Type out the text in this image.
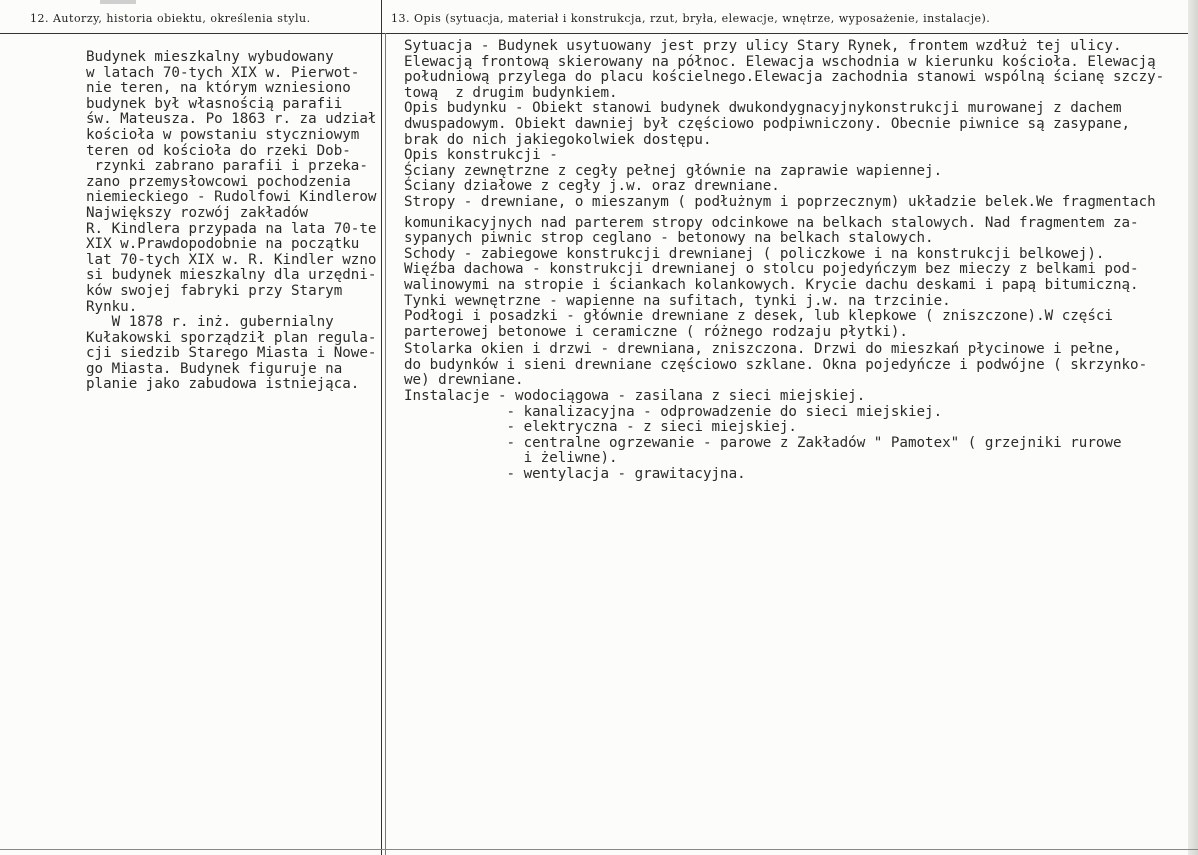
12. Autorzy, historia obiektu, określenia stylu.	13. Opis (sytuacja, materiał i konstrukcja, rzut, bryła, elewacje, wnętrze, wyposażenie, instalacje).
Budynek mieszkalny wybudowany
w latach 70-tych XIX w. Pierwot-
nie teren, na którym wzniesiono
budynek był własnością parafii
św. Mateusza. Po 1863 r. za udział
kościoła w powstaniu styczniowym
teren od kościoła do rzeki Dob-
rzynki zabrano parafii i przeka-
zano przemysłowcowi pochodzenia
niemieckiego - Rudolfowi Kindlerow
Największy rozwój zakładów
R. Kindlera przypada na lata 70-te
XIX w.Prawdopodobnie na początku
lat 70-tych XIX w. R. Kindler wzno
si budynek mieszkalny dla urzędni-
ków swojej fabryki przy Starym
Rynku.
W 1878 r. inż. gubernialny
Kułakowski sporządził plan regula-
cji siedzib Starego Miasta i Nowe-
go Miasta. Budynek figuruje na
planie jako zabudowa istniejąca.
Sytuacja - Budynek usytuowany jest przy ulicy Stary Rynek, frontem wzdłuż tej ulicy.
Elewacją frontową skierowany na północ. Elewacja wschodnia w kierunku kościoła. Elewacją
południową przylega do placu kościelnego.Elewacja zachodnia stanowi wspólną ścianę szczy-
tową  z drugim budynkiem.
Opis budynku - Obiekt stanowi budynek dwukondygnacyjnykonstrukcji murowanej z dachem
dwuspadowym. Obiekt dawniej był częściowo podpiwniczony. Obecnie piwnice są zasypane,
brak do nich jakiegokolwiek dostępu.
Opis konstrukcji -
Ściany zewnętrzne z cegły pełnej głównie na zaprawie wapiennej.
Ściany działowe z cegły j.w. oraz drewniane.
Stropy - drewniane, o mieszanym ( podłużnym i poprzecznym) układzie belek.We fragmentach
komunikacyjnych nad parterem stropy odcinkowe na belkach stalowych. Nad fragmentem za-
sypanych piwnic strop ceglano - betonowy na belkach stalowych.
Schody - zabiegowe konstrukcji drewnianej ( policzkowe i na konstrukcji belkowej).
Więźba dachowa - konstrukcji drewnianej o stolcu pojedyńczym bez mieczy z belkami pod-
walinowymi na stropie i ściankach kolankowych. Krycie dachu deskami i papą bitumiczną.
Tynki wewnętrzne - wapienne na sufitach, tynki j.w. na trzcinie.
Podłogi i posadzki - głównie drewniane z desek, lub klepkowe ( zniszczone).W części
parterowej betonowe i ceramiczne ( różnego rodzaju płytki).
Stolarka okien i drzwi - drewniana, zniszczona. Drzwi do mieszkań płycinowe i pełne,
do budynków i sieni drewniane częściowo szklane. Okna pojedyńcze i podwójne ( skrzynko-
we) drewniane.
Instalacje - wodociągowa - zasilana z sieci miejskiej.
- kanalizacyjna - odprowadzenie do sieci miejskiej.
- elektryczna - z sieci miejskiej.
- centralne ogrzewanie - parowe z Zakładów " Pamotex" ( grzejniki rurowe
i żeliwne).
- wentylacja - grawitacyjna.
